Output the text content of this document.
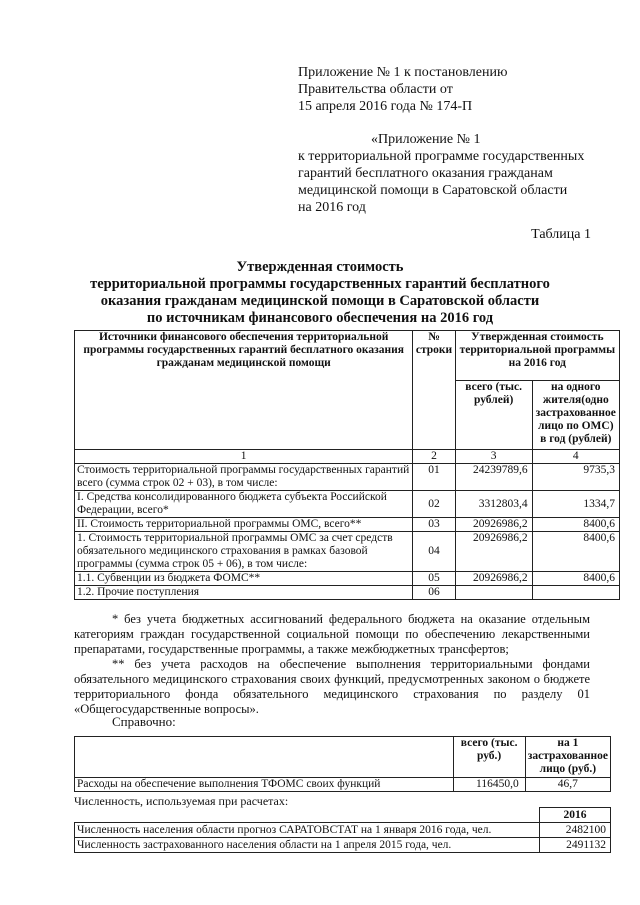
Приложение № 1 к постановлению
Правительства области от
15 апреля 2016 года № 174-П
«Приложение № 1
к территориальной программе государственных
гарантий бесплатного оказания гражданам
медицинской помощи в Саратовской области
на 2016 год
Таблица 1
Утвержденная стоимость
территориальной программы государственных гарантий бесплатного
оказания гражданам медицинской помощи в Саратовской области
по источникам финансового обеспечения на 2016 год
Источники финансового обеспечения территориальной программы государственных гарантий бесплатного оказания гражданам медицинской помощи	№ строки	Утвержденная стоимость территориальной программы на 2016 год	
		всего (тыс. рублей)	на одного жителя(одно застрахованное лицо по ОМС) в год (рублей)
1	2	3	4
Стоимость территориальной программы государственных гарантий всего (сумма строк 02 + 03), в том числе:	01	24239789,6	9735,3
I. Средства консолидированного бюджета субъекта Российской Федерации, всего*	02	3312803,4	1334,7
II. Стоимость территориальной программы ОМС, всего**	03	20926986,2	8400,6
1. Стоимость территориальной программы ОМС за счет средств обязательного медицинского страхования в рамках базовой программы (сумма строк 05 + 06), в том числе:	04	20926986,2	8400,6
1.1. Субвенции из бюджета ФОМС**	05	20926986,2	8400,6
1.2. Прочие поступления	06		
* без учета бюджетных ассигнований федерального бюджета на оказание отдельным категориям граждан государственной социальной помощи по обеспечению лекарственными препаратами, государственные программы, а также межбюджетных трансфертов;
** без учета расходов на обеспечение выполнения территориальными фондами обязательного медицинского страхования своих функций, предусмотренных законом о бюджете территориального фонда обязательного медицинского страхования по разделу 01 «Общегосударственные вопросы».
Справочно:
	всего (тыс. руб.)	на 1 застрахованное лицо (руб.)
Расходы на обеспечение выполнения ТФОМС своих функций	116450,0	46,7
Численность, используемая при расчетах:
	2016
Численность населения области прогноз САРАТОВСТАТ на 1 января 2016 года, чел.	2482100
Численность застрахованного населения области на 1 апреля 2015 года, чел.	2491132
